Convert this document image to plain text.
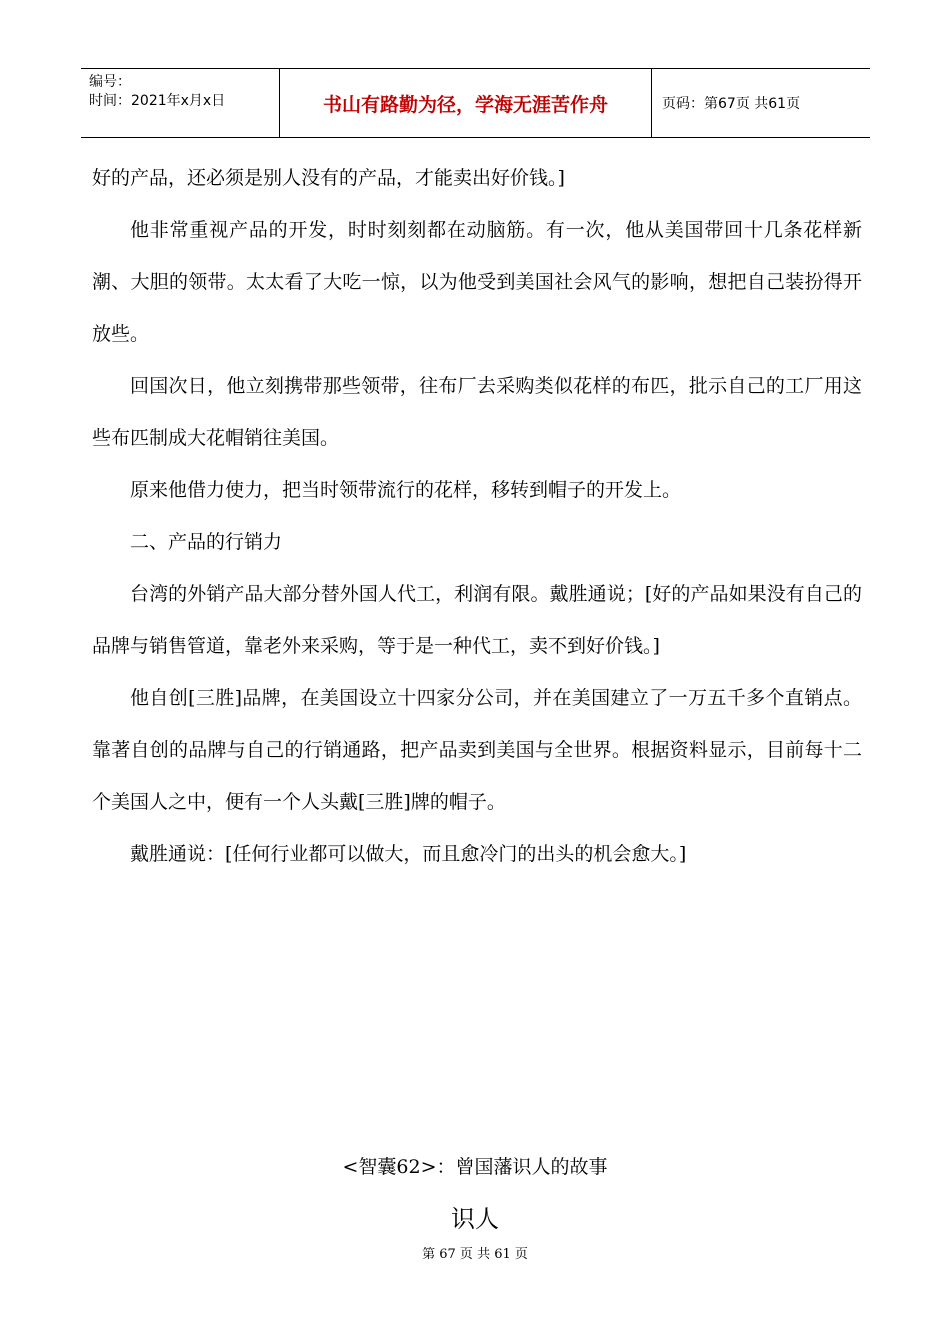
编号：
时间：2021年x月x日	书山有路勤为径，学海无涯苦作舟	页码：第67页 共61页

好的产品，还必须是别人没有的产品，才能卖出好价钱。]

他非常重视产品的开发，时时刻刻都在动脑筋。有一次，他从美国带回十几条花样新潮、大胆的领带。太太看了大吃一惊，以为他受到美国社会风气的影响，想把自己装扮得开放些。

回国次日，他立刻携带那些领带，往布厂去采购类似花样的布匹，批示自己的工厂用这些布匹制成大花帽销往美国。

原来他借力使力，把当时领带流行的花样，移转到帽子的开发上。

二、产品的行销力

台湾的外销产品大部分替外国人代工，利润有限。戴胜通说；[好的产品如果没有自己的品牌与销售管道，靠老外来采购，等于是一种代工，卖不到好价钱。]

他自创[三胜]品牌，在美国设立十四家分公司，并在美国建立了一万五千多个直销点。靠著自创的品牌与自己的行销通路，把产品卖到美国与全世界。根据资料显示，目前每十二个美国人之中，便有一个人头戴[三胜]牌的帽子。

戴胜通说：[任何行业都可以做大，而且愈冷门的出头的机会愈大。]

<智囊62>：曾国藩识人的故事
识人
第 67 页 共 61 页
